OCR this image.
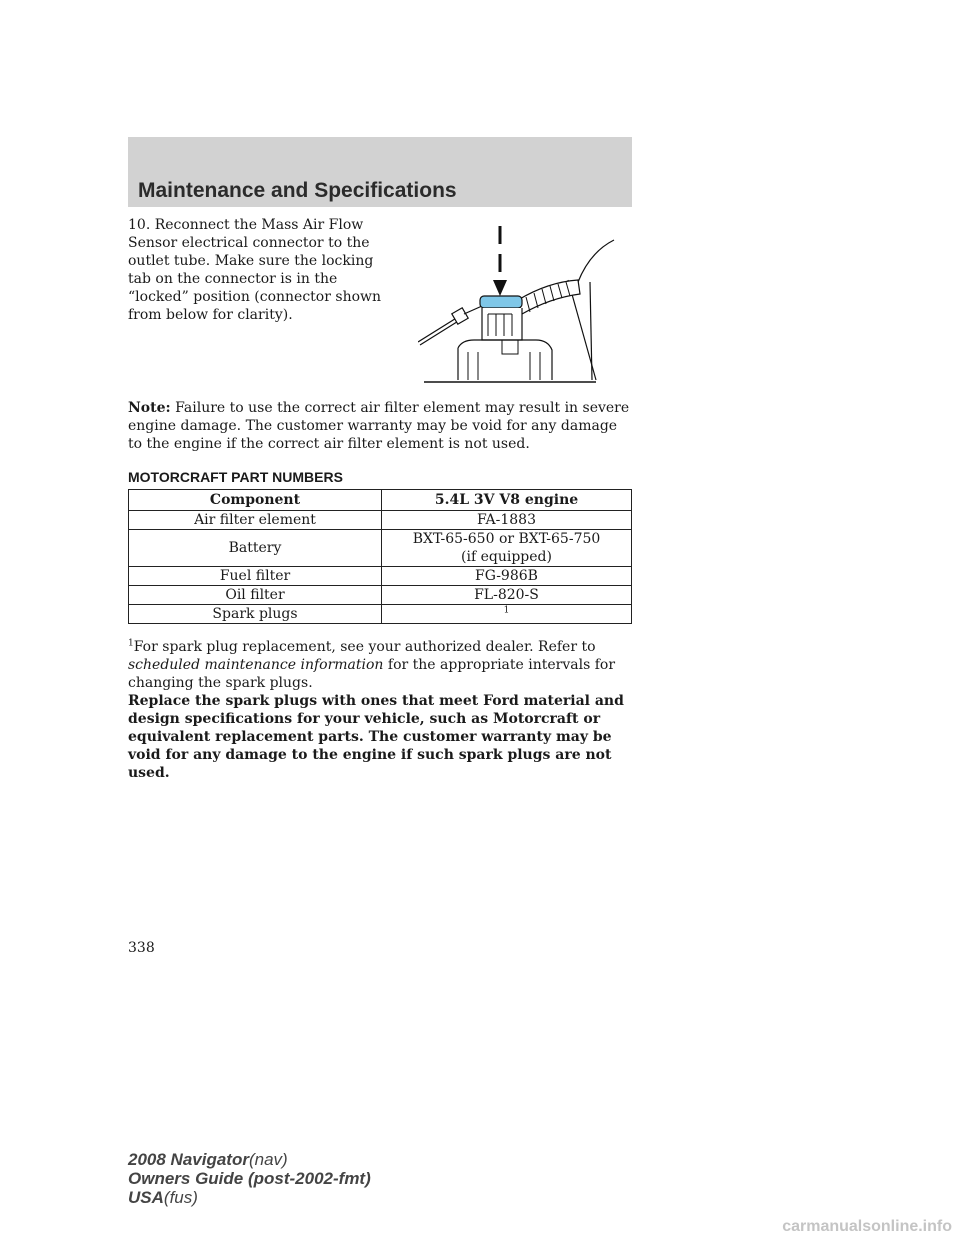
Maintenance and Specifications
10. Reconnect the Mass Air Flow Sensor electrical connector to the outlet tube. Make sure the locking tab on the connector is in the “locked” position (connector shown from below for clarity).
Note: Failure to use the correct air filter element may result in severe engine damage. The customer warranty may be void for any damage to the engine if the correct air filter element is not used.
MOTORCRAFT PART NUMBERS
Component	5.4L 3V V8 engine
Air filter element	FA-1883
Battery	BXT-65-650 or BXT-65-750
(if equipped)

Fuel filter	FG-986B
Oil filter	FL-820-S
Spark plugs	$^1$
$^1$For spark plug replacement, see your authorized dealer. Refer to scheduled maintenance information for the appropriate intervals for changing the spark plugs.
Replace the spark plugs with ones that meet Ford material and design specifications for your vehicle, such as Motorcraft or equivalent replacement parts. The customer warranty may be void for any damage to the engine if such spark plugs are not used.
338
2008 Navigator(nav)
Owners Guide (post-2002-fmt)
USA(fus)
carmanualsonline.info
